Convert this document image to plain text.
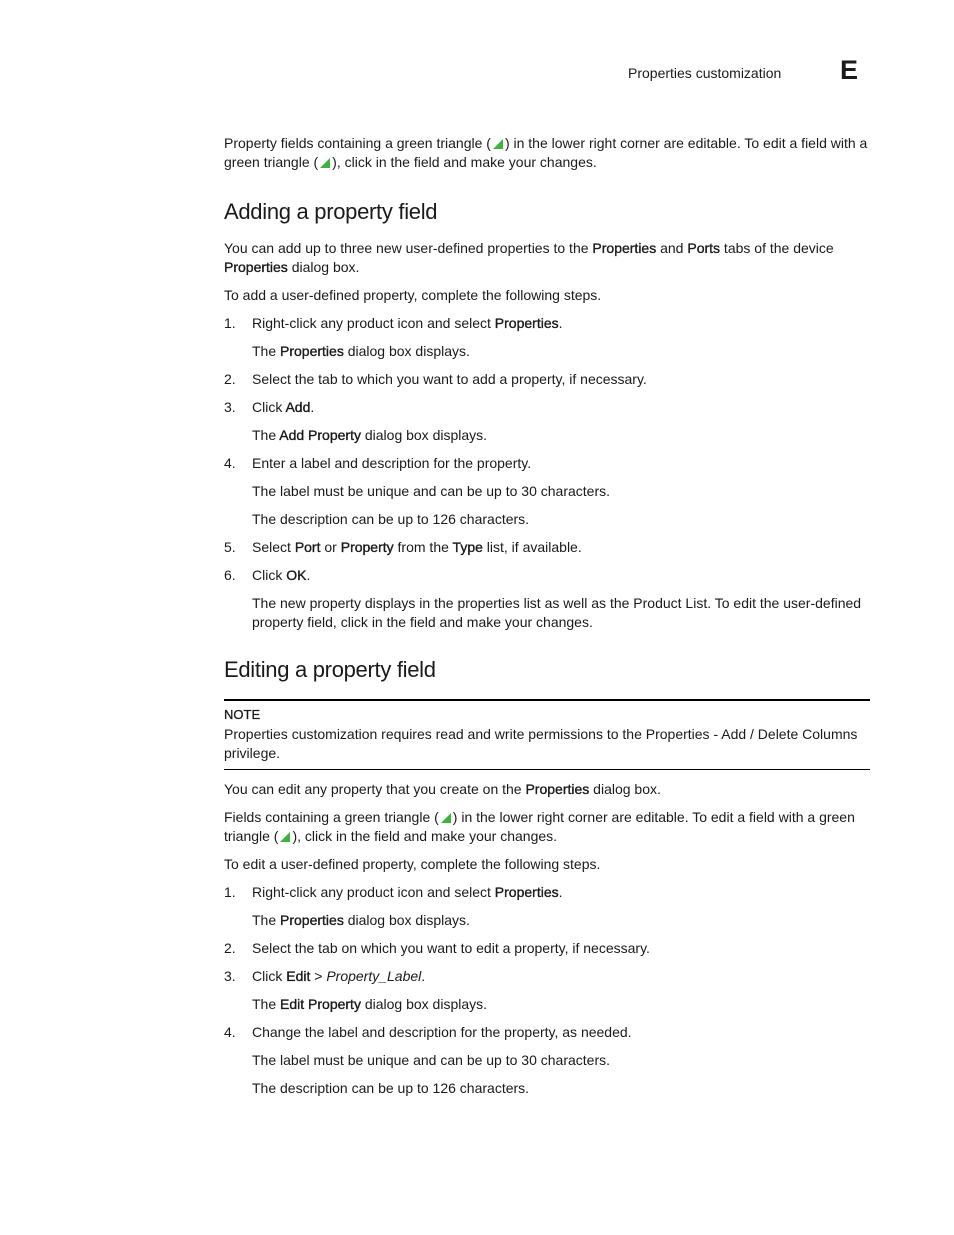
Properties customization E

Property fields containing a green triangle ( ) in the lower right corner are editable. To edit a field with a green triangle ( ), click in the field and make your changes.

Adding a property field

You can add up to three new user-defined properties to the Properties and Ports tabs of the device Properties dialog box.

To add a user-defined property, complete the following steps.

1. Right-click any product icon and select Properties.
The Properties dialog box displays.
2. Select the tab to which you want to add a property, if necessary.
3. Click Add.
The Add Property dialog box displays.
4. Enter a label and description for the property.
The label must be unique and can be up to 30 characters.
The description can be up to 126 characters.
5. Select Port or Property from the Type list, if available.
6. Click OK.
The new property displays in the properties list as well as the Product List. To edit the user-defined property field, click in the field and make your changes.
Editing a property field
NOTE

Properties customization requires read and write permissions to the Properties - Add / Delete Columns privilege.

You can edit any property that you create on the Properties dialog box.

Fields containing a green triangle ( ) in the lower right corner are editable. To edit a field with a green triangle ( ), click in the field and make your changes.

To edit a user-defined property, complete the following steps.

1. Right-click any product icon and select Properties.
The Properties dialog box displays.
2. Select the tab on which you want to edit a property, if necessary.
3. Click Edit > Property_Label.
The Edit Property dialog box displays.
4. Change the label and description for the property, as needed.
The label must be unique and can be up to 30 characters.
The description can be up to 126 characters.
